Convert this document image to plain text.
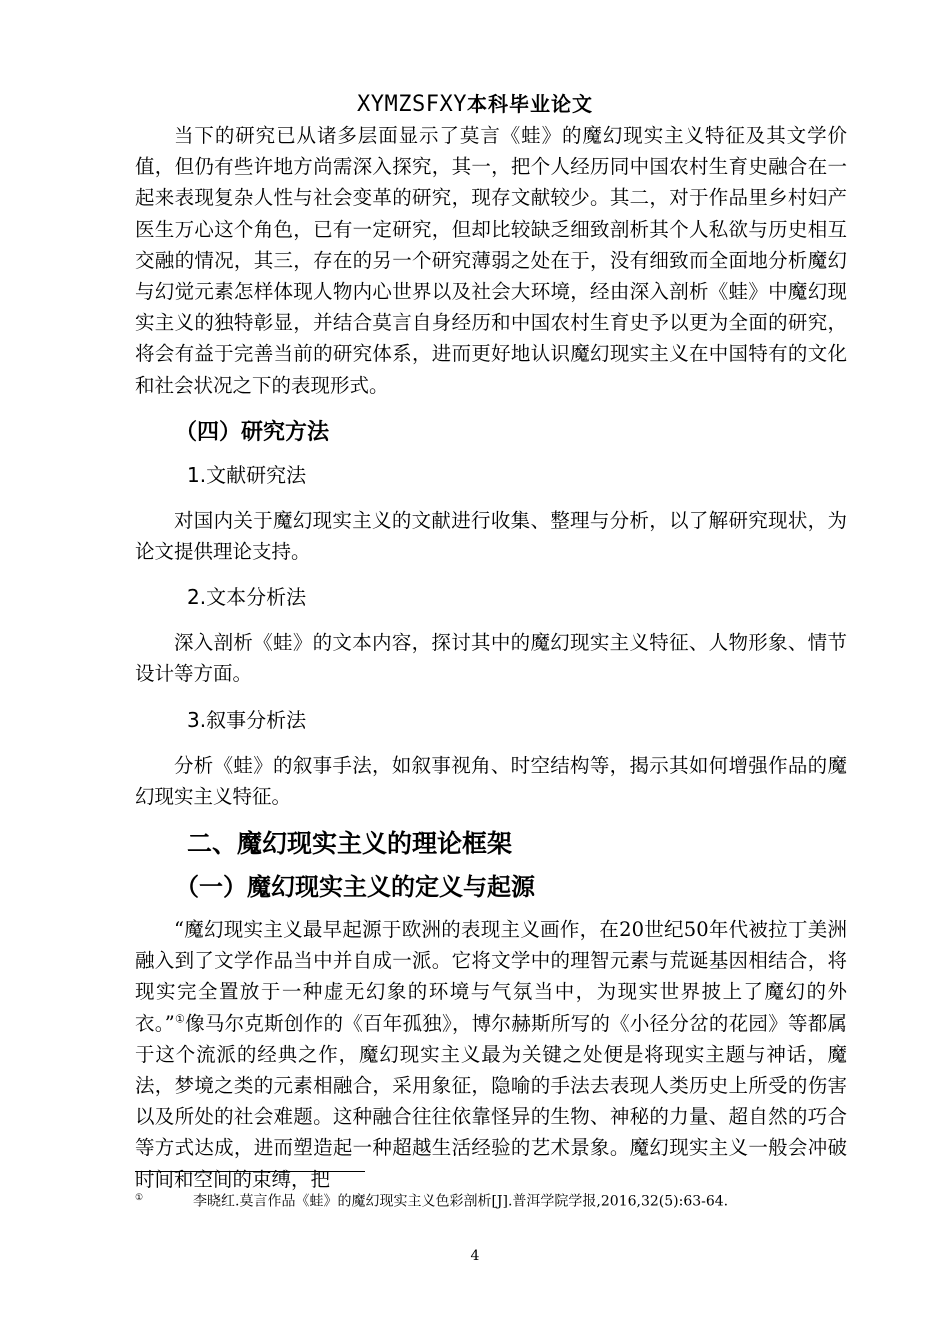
XYMZSFXY本科毕业论文

当下的研究已从诸多层面显示了莫言《蛙》的魔幻现实主义特征及其文学价值，但仍有些许地方尚需深入探究，其一，把个人经历同中国农村生育史融合在一起来表现复杂人性与社会变革的研究，现存文献较少。其二，对于作品里乡村妇产医生万心这个角色，已有一定研究，但却比较缺乏细致剖析其个人私欲与历史相互交融的情况，其三，存在的另一个研究薄弱之处在于，没有细致而全面地分析魔幻与幻觉元素怎样体现人物内心世界以及社会大环境，经由深入剖析《蛙》中魔幻现实主义的独特彰显，并结合莫言自身经历和中国农村生育史予以更为全面的研究，将会有益于完善当前的研究体系，进而更好地认识魔幻现实主义在中国特有的文化和社会状况之下的表现形式。

（四）研究方法

1.文献研究法

对国内关于魔幻现实主义的文献进行收集、整理与分析，以了解研究现状，为论文提供理论支持。

2.文本分析法

深入剖析《蛙》的文本内容，探讨其中的魔幻现实主义特征、人物形象、情节设计等方面。

3.叙事分析法

分析《蛙》的叙事手法，如叙事视角、时空结构等，揭示其如何增强作品的魔幻现实主义特征。

二、魔幻现实主义的理论框架

（一）魔幻现实主义的定义与起源

“魔幻现实主义最早起源于欧洲的表现主义画作，在20世纪50年代被拉丁美洲融入到了文学作品当中并自成一派。它将文学中的理智元素与荒诞基因相结合，将现实完全置放于一种虚无幻象的环境与气氛当中，为现实世界披上了魔幻的外衣。”①像马尔克斯创作的《百年孤独》，博尔赫斯所写的《小径分岔的花园》等都属于这个流派的经典之作，魔幻现实主义最为关键之处便是将现实主题与神话，魔法，梦境之类的元素相融合，采用象征，隐喻的手法去表现人类历史上所受的伤害以及所处的社会难题。这种融合往往依靠怪异的生物、神秘的力量、超自然的巧合等方式达成，进而塑造起一种超越生活经验的艺术景象。魔幻现实主义一般会冲破时间和空间的束缚，把

①	李晓红.莫言作品《蛙》的魔幻现实主义色彩剖析[J].普洱学院学报,2016,32(5):63-64.
4
